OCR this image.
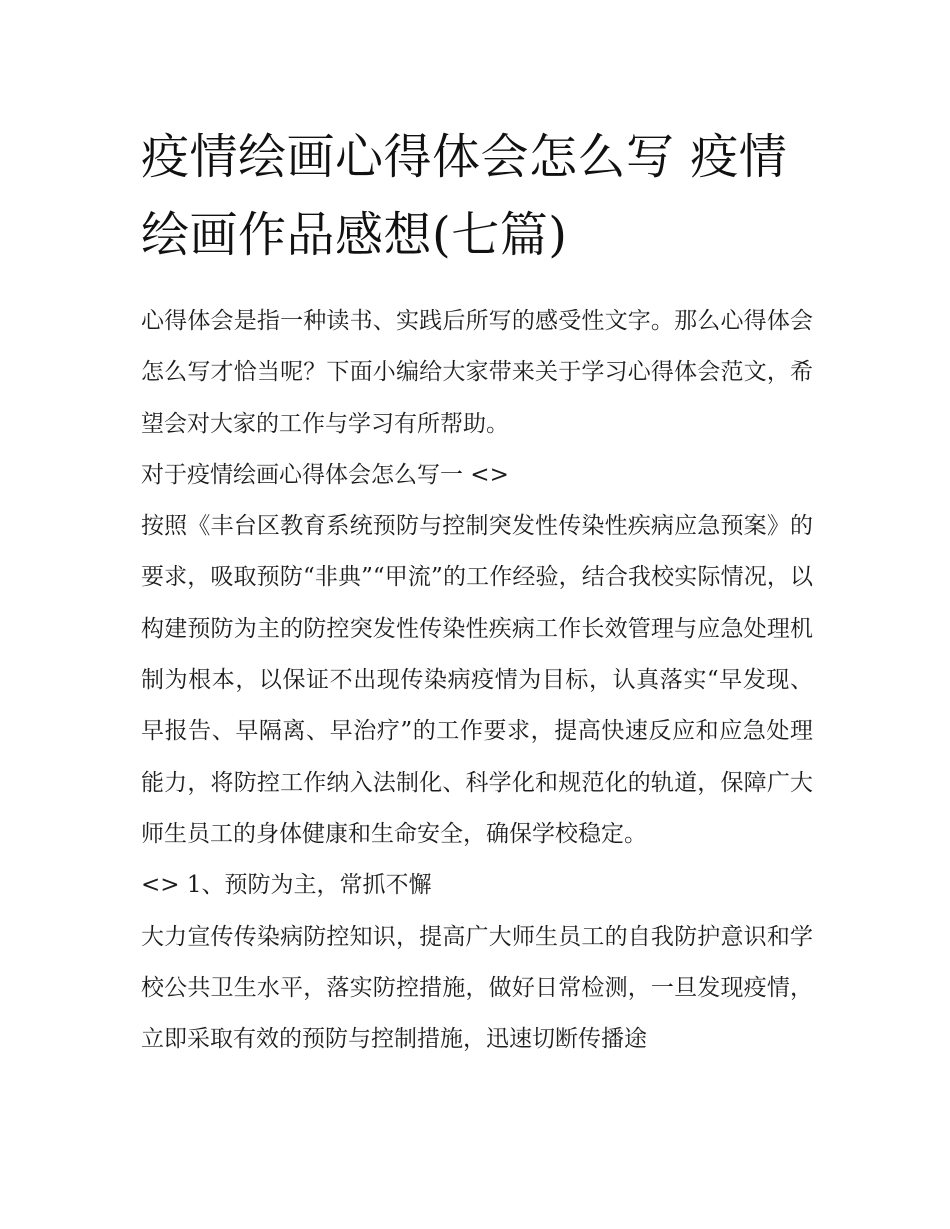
疫情绘画心得体会怎么写 疫情绘画作品感想(七篇)

心得体会是指一种读书、实践后所写的感受性文字。那么心得体会怎么写才恰当呢？下面小编给大家带来关于学习心得体会范文，希望会对大家的工作与学习有所帮助。

对于疫情绘画心得体会怎么写一 <>

按照《丰台区教育系统预防与控制突发性传染性疾病应急预案》的要求，吸取预防“非典”“甲流”的工作经验，结合我校实际情况，以构建预防为主的防控突发性传染性疾病工作长效管理与应急处理机制为根本，以保证不出现传染病疫情为目标，认真落实“早发现、早报告、早隔离、早治疗”的工作要求，提高快速反应和应急处理能力，将防控工作纳入法制化、科学化和规范化的轨道，保障广大师生员工的身体健康和生命安全，确保学校稳定。

<> 1、预防为主，常抓不懈

大力宣传传染病防控知识，提高广大师生员工的自我防护意识和学校公共卫生水平，落实防控措施，做好日常检测，一旦发现疫情，立即采取有效的预防与控制措施，迅速切断传播途
